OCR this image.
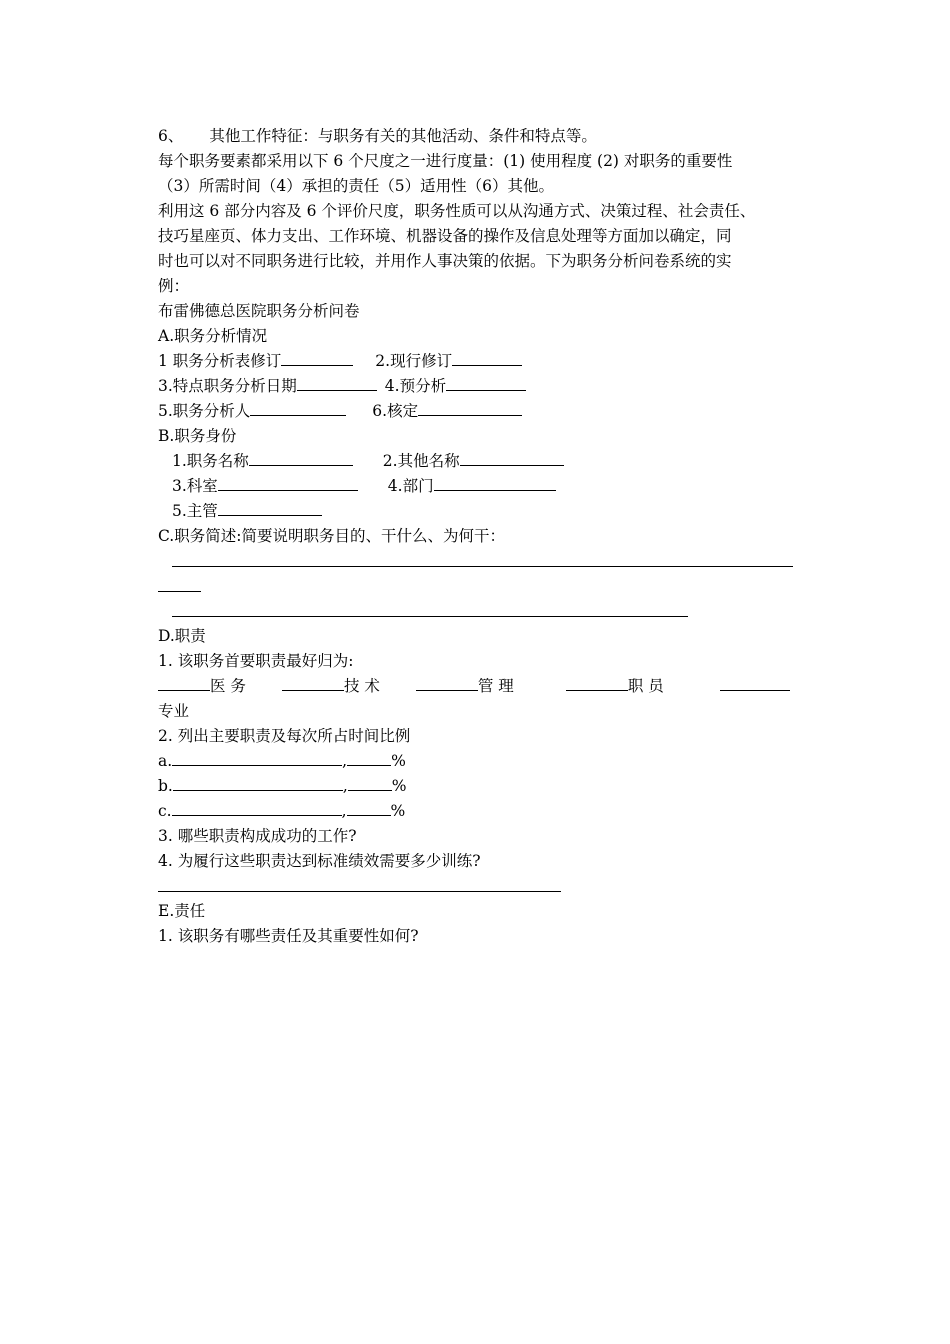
6、 其他工作特征：与职务有关的其他活动、条件和特点等。
每个职务要素都采用以下 6 个尺度之一进行度量：(1) 使用程度 (2) 对职务的重要性
（3）所需时间（4）承担的责任（5）适用性（6）其他。
利用这 6 部分内容及 6 个评价尺度，职务性质可以从沟通方式、决策过程、社会责任、
技巧星座页、体力支出、工作环境、机器设备的操作及信息处理等方面加以确定，同
时也可以对不同职务进行比较，并用作人事决策的依据。下为职务分析问卷系统的实
例：
布雷佛德总医院职务分析问卷
A.职务分析情况
1 职务分析表修订	2.现行修订
3.特点职务分析日期	4.预分析
5.职务分析人	6.核定
B.职务身份
1.职务名称	2.其他名称
3.科室	4.部门
5.主管
C.职务简述:简要说明职务目的、干什么、为何干：
D.职责
1. 该职务首要职责最好归为:
医 务	技 术	管 理	职 员
专业
2. 列出主要职责及每次所占时间比例
a.	,	%
b.	,	%
c.	,	%
3. 哪些职责构成成功的工作?
4. 为履行这些职责达到标准绩效需要多少训练?
E.责任
1. 该职务有哪些责任及其重要性如何?
